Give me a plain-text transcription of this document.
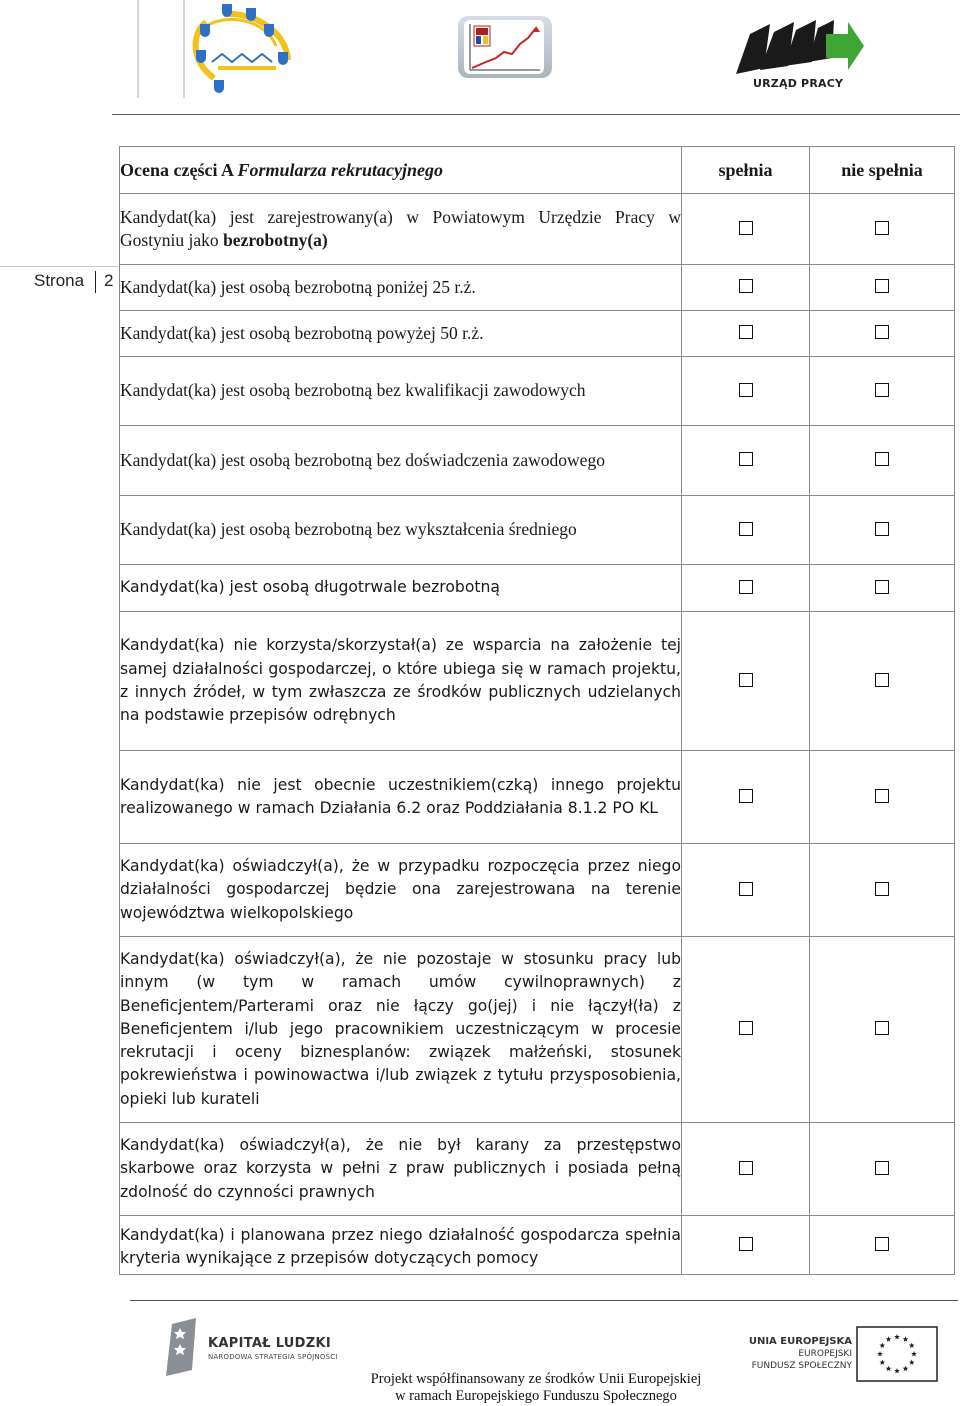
URZĄD PRACY
Strona 2
Ocena części A Formularza rekrutacyjnego	spełnia	nie spełnia
Kandydat(ka) jest zarejestrowany(a) w Powiatowym Urzędzie Pracy w Gostyniu jako bezrobotny(a)		
Kandydat(ka) jest osobą bezrobotną poniżej 25 r.ż.		
Kandydat(ka) jest osobą bezrobotną powyżej 50 r.ż.		
Kandydat(ka) jest osobą bezrobotną bez kwalifikacji zawodowych		
Kandydat(ka) jest osobą bezrobotną bez doświadczenia zawodowego		
Kandydat(ka) jest osobą bezrobotną bez wykształcenia średniego		
Kandydat(ka) jest osobą długotrwale bezrobotną		
Kandydat(ka) nie korzysta/skorzystał(a) ze wsparcia na założenie tej samej działalności gospodarczej, o które ubiega się w ramach projektu, z innych źródeł, w tym zwłaszcza ze środków publicznych udzielanych na podstawie przepisów odrębnych		
Kandydat(ka) nie jest obecnie uczestnikiem(czką) innego projektu realizowanego w ramach Działania 6.2 oraz Poddziałania 8.1.2 PO KL		
Kandydat(ka) oświadczył(a), że w przypadku rozpoczęcia przez niego działalności gospodarczej będzie ona zarejestrowana na terenie województwa wielkopolskiego		
Kandydat(ka) oświadczył(a), że nie pozostaje w stosunku pracy lub innym (w tym w ramach umów cywilnoprawnych) z Beneficjentem/Parterami oraz nie łączy go(jej) i nie łączył(ła) z Beneficjentem i/lub jego pracownikiem uczestniczącym w procesie rekrutacji i oceny biznesplanów: związek małżeński, stosunek pokrewieństwa i powinowactwa i/lub związek z tytułu przysposobienia, opieki lub kurateli		
Kandydat(ka) oświadczył(a), że nie był karany za przestępstwo skarbowe oraz korzysta w pełni z praw publicznych i posiada pełną zdolność do czynności prawnych		
Kandydat(ka) i planowana przez niego działalność gospodarcza spełnia kryteria wynikające z przepisów dotyczących pomocy		
KAPITAŁ LUDZKI
NARODOWA STRATEGIA SPÓJNOŚCI
UNIA EUROPEJSKA
EUROPEJSKI
FUNDUSZ SPOŁECZNY
Projekt współfinansowany ze środków Unii Europejskiej
w ramach Europejskiego Funduszu Społecznego
